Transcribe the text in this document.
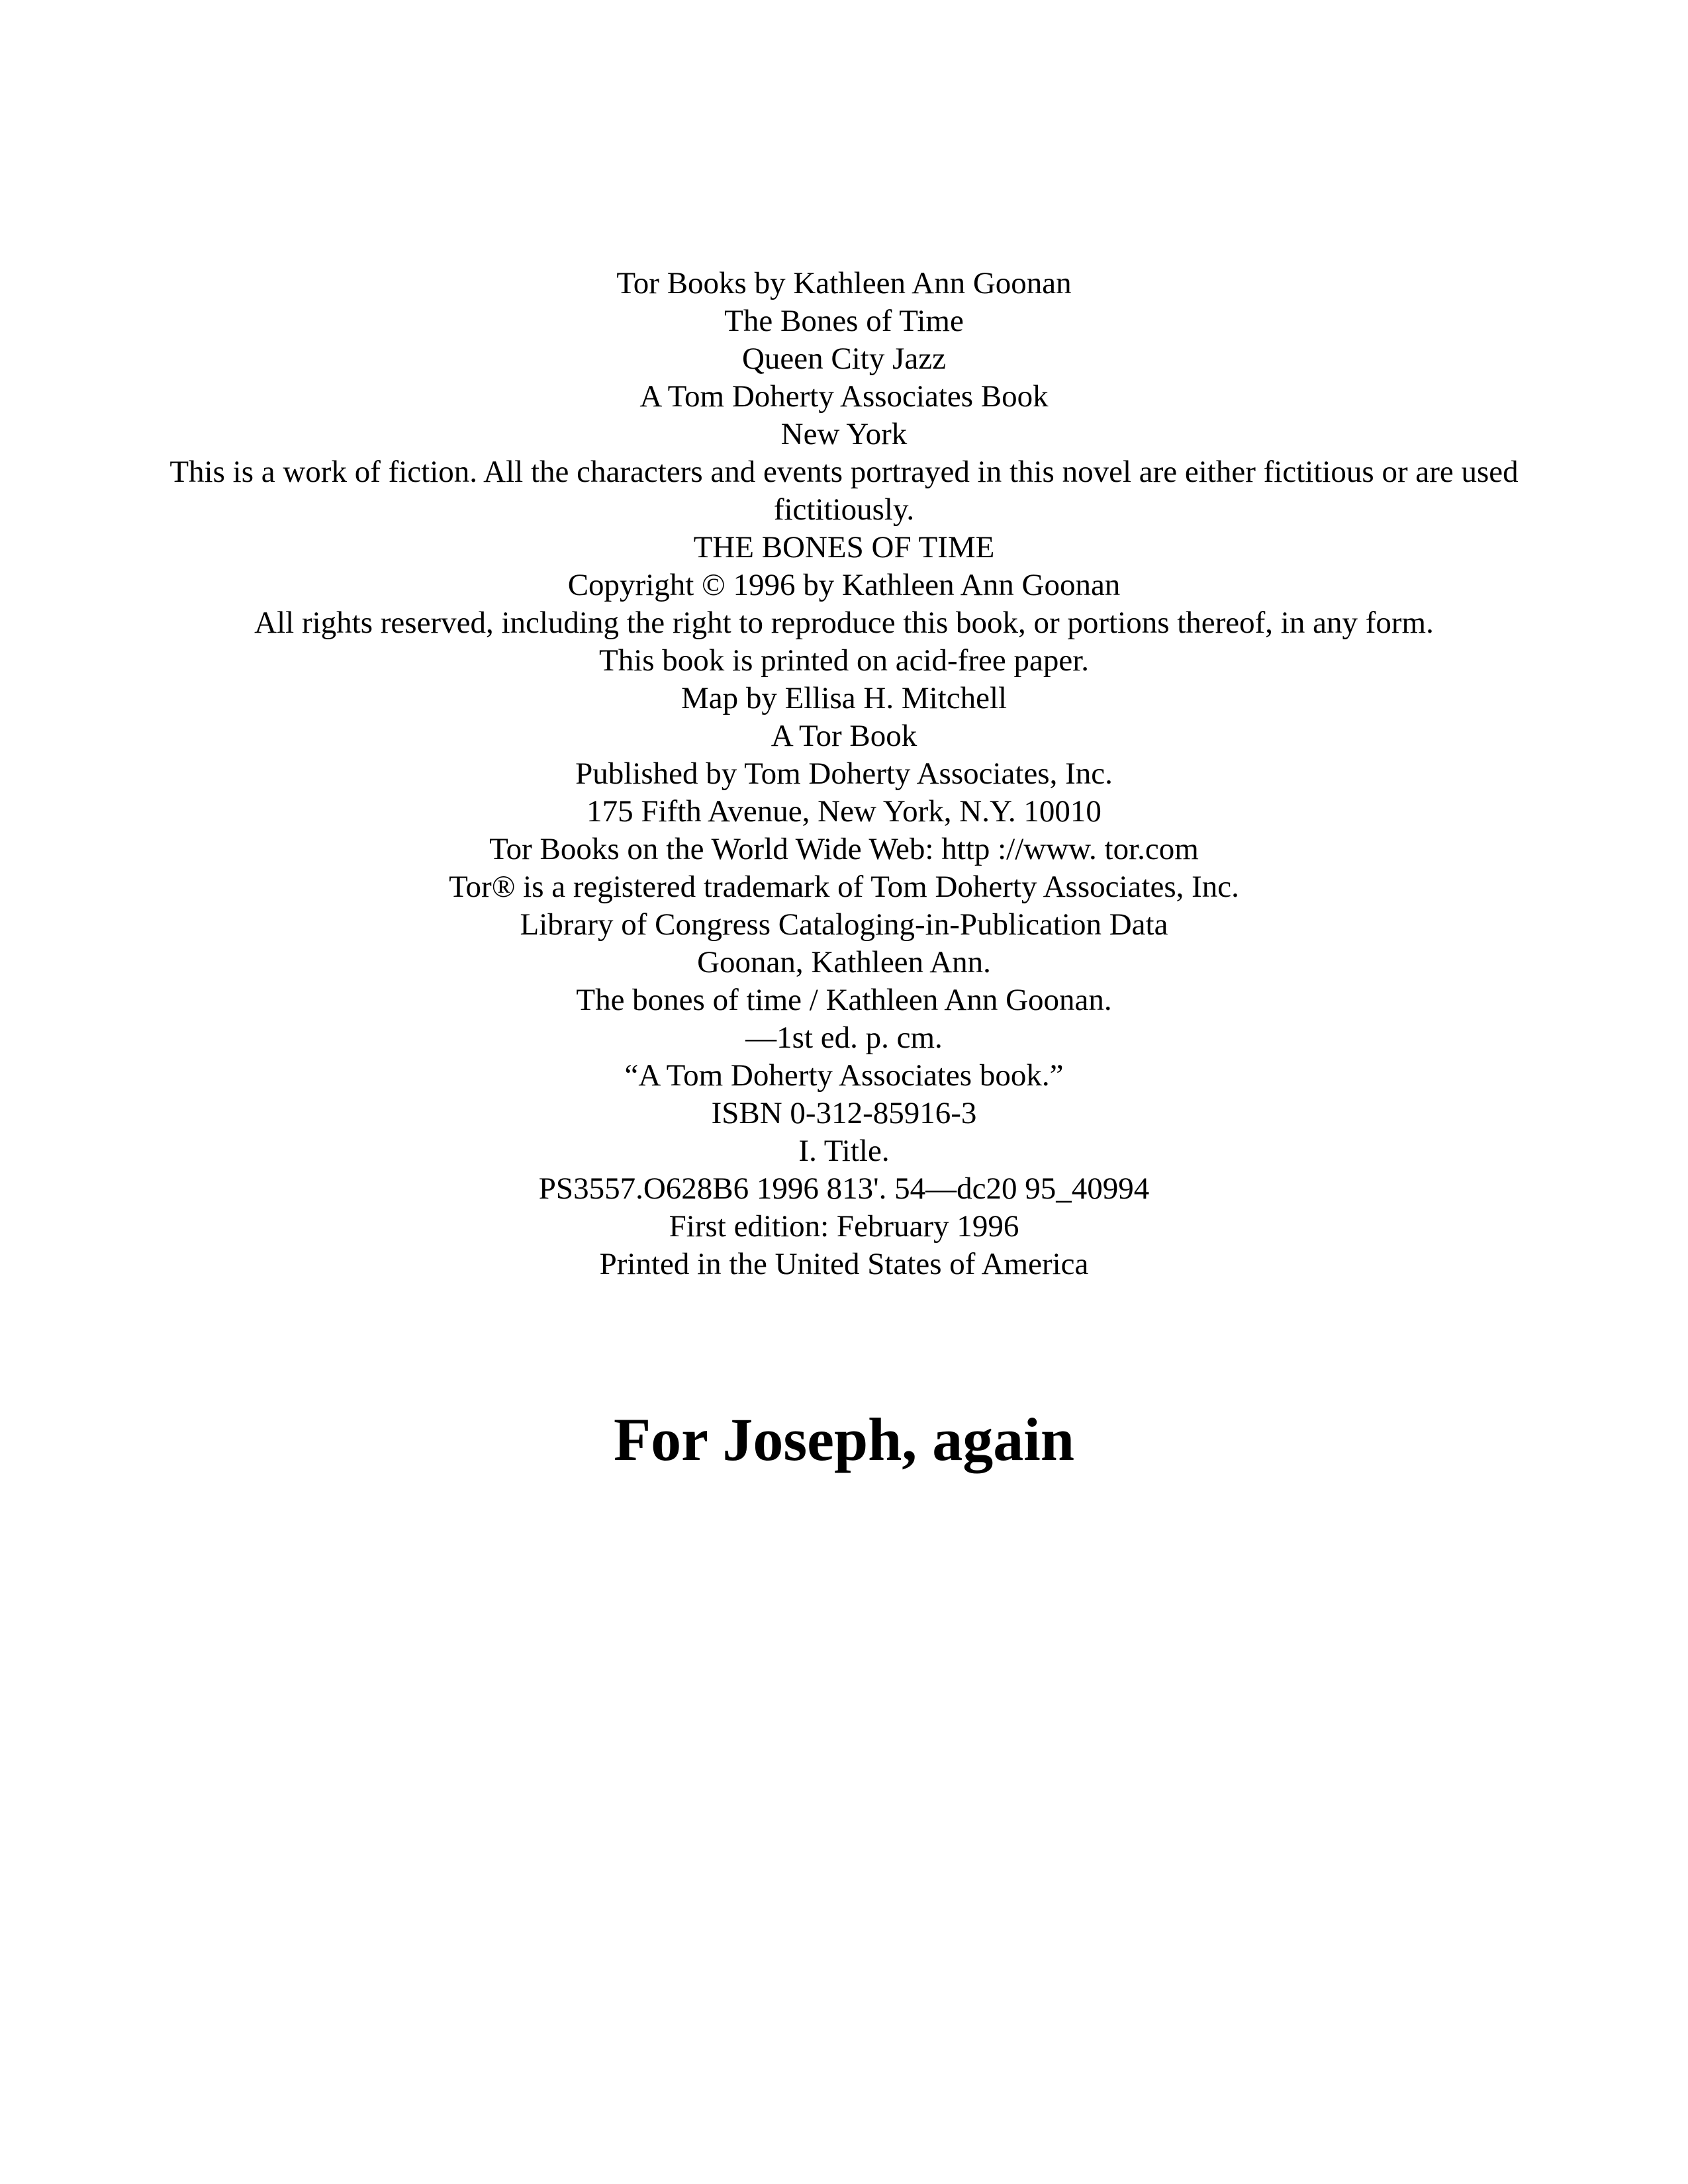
Tor Books by Kathleen Ann Goonan
The Bones of Time
Queen City Jazz
A Tom Doherty Associates Book
New York
This is a work of fiction. All the characters and events portrayed in this novel are either fictitious or are used fictitiously.
THE BONES OF TIME
Copyright © 1996 by Kathleen Ann Goonan
All rights reserved, including the right to reproduce this book, or portions thereof, in any form.
This book is printed on acid-free paper.
Map by Ellisa H. Mitchell
A Tor Book
Published by Tom Doherty Associates, Inc.
175 Fifth Avenue, New York, N.Y. 10010
Tor Books on the World Wide Web: http ://www. tor.com
Tor® is a registered trademark of Tom Doherty Associates, Inc.
Library of Congress Cataloging-in-Publication Data
Goonan, Kathleen Ann.
The bones of time / Kathleen Ann Goonan.
—1st ed. p. cm.
“A Tom Doherty Associates book.”
ISBN 0-312-85916-3
I. Title.
PS3557.O628B6 1996 813'. 54—dc20 95_40994
First edition: February 1996
Printed in the United States of America
For Joseph, again
